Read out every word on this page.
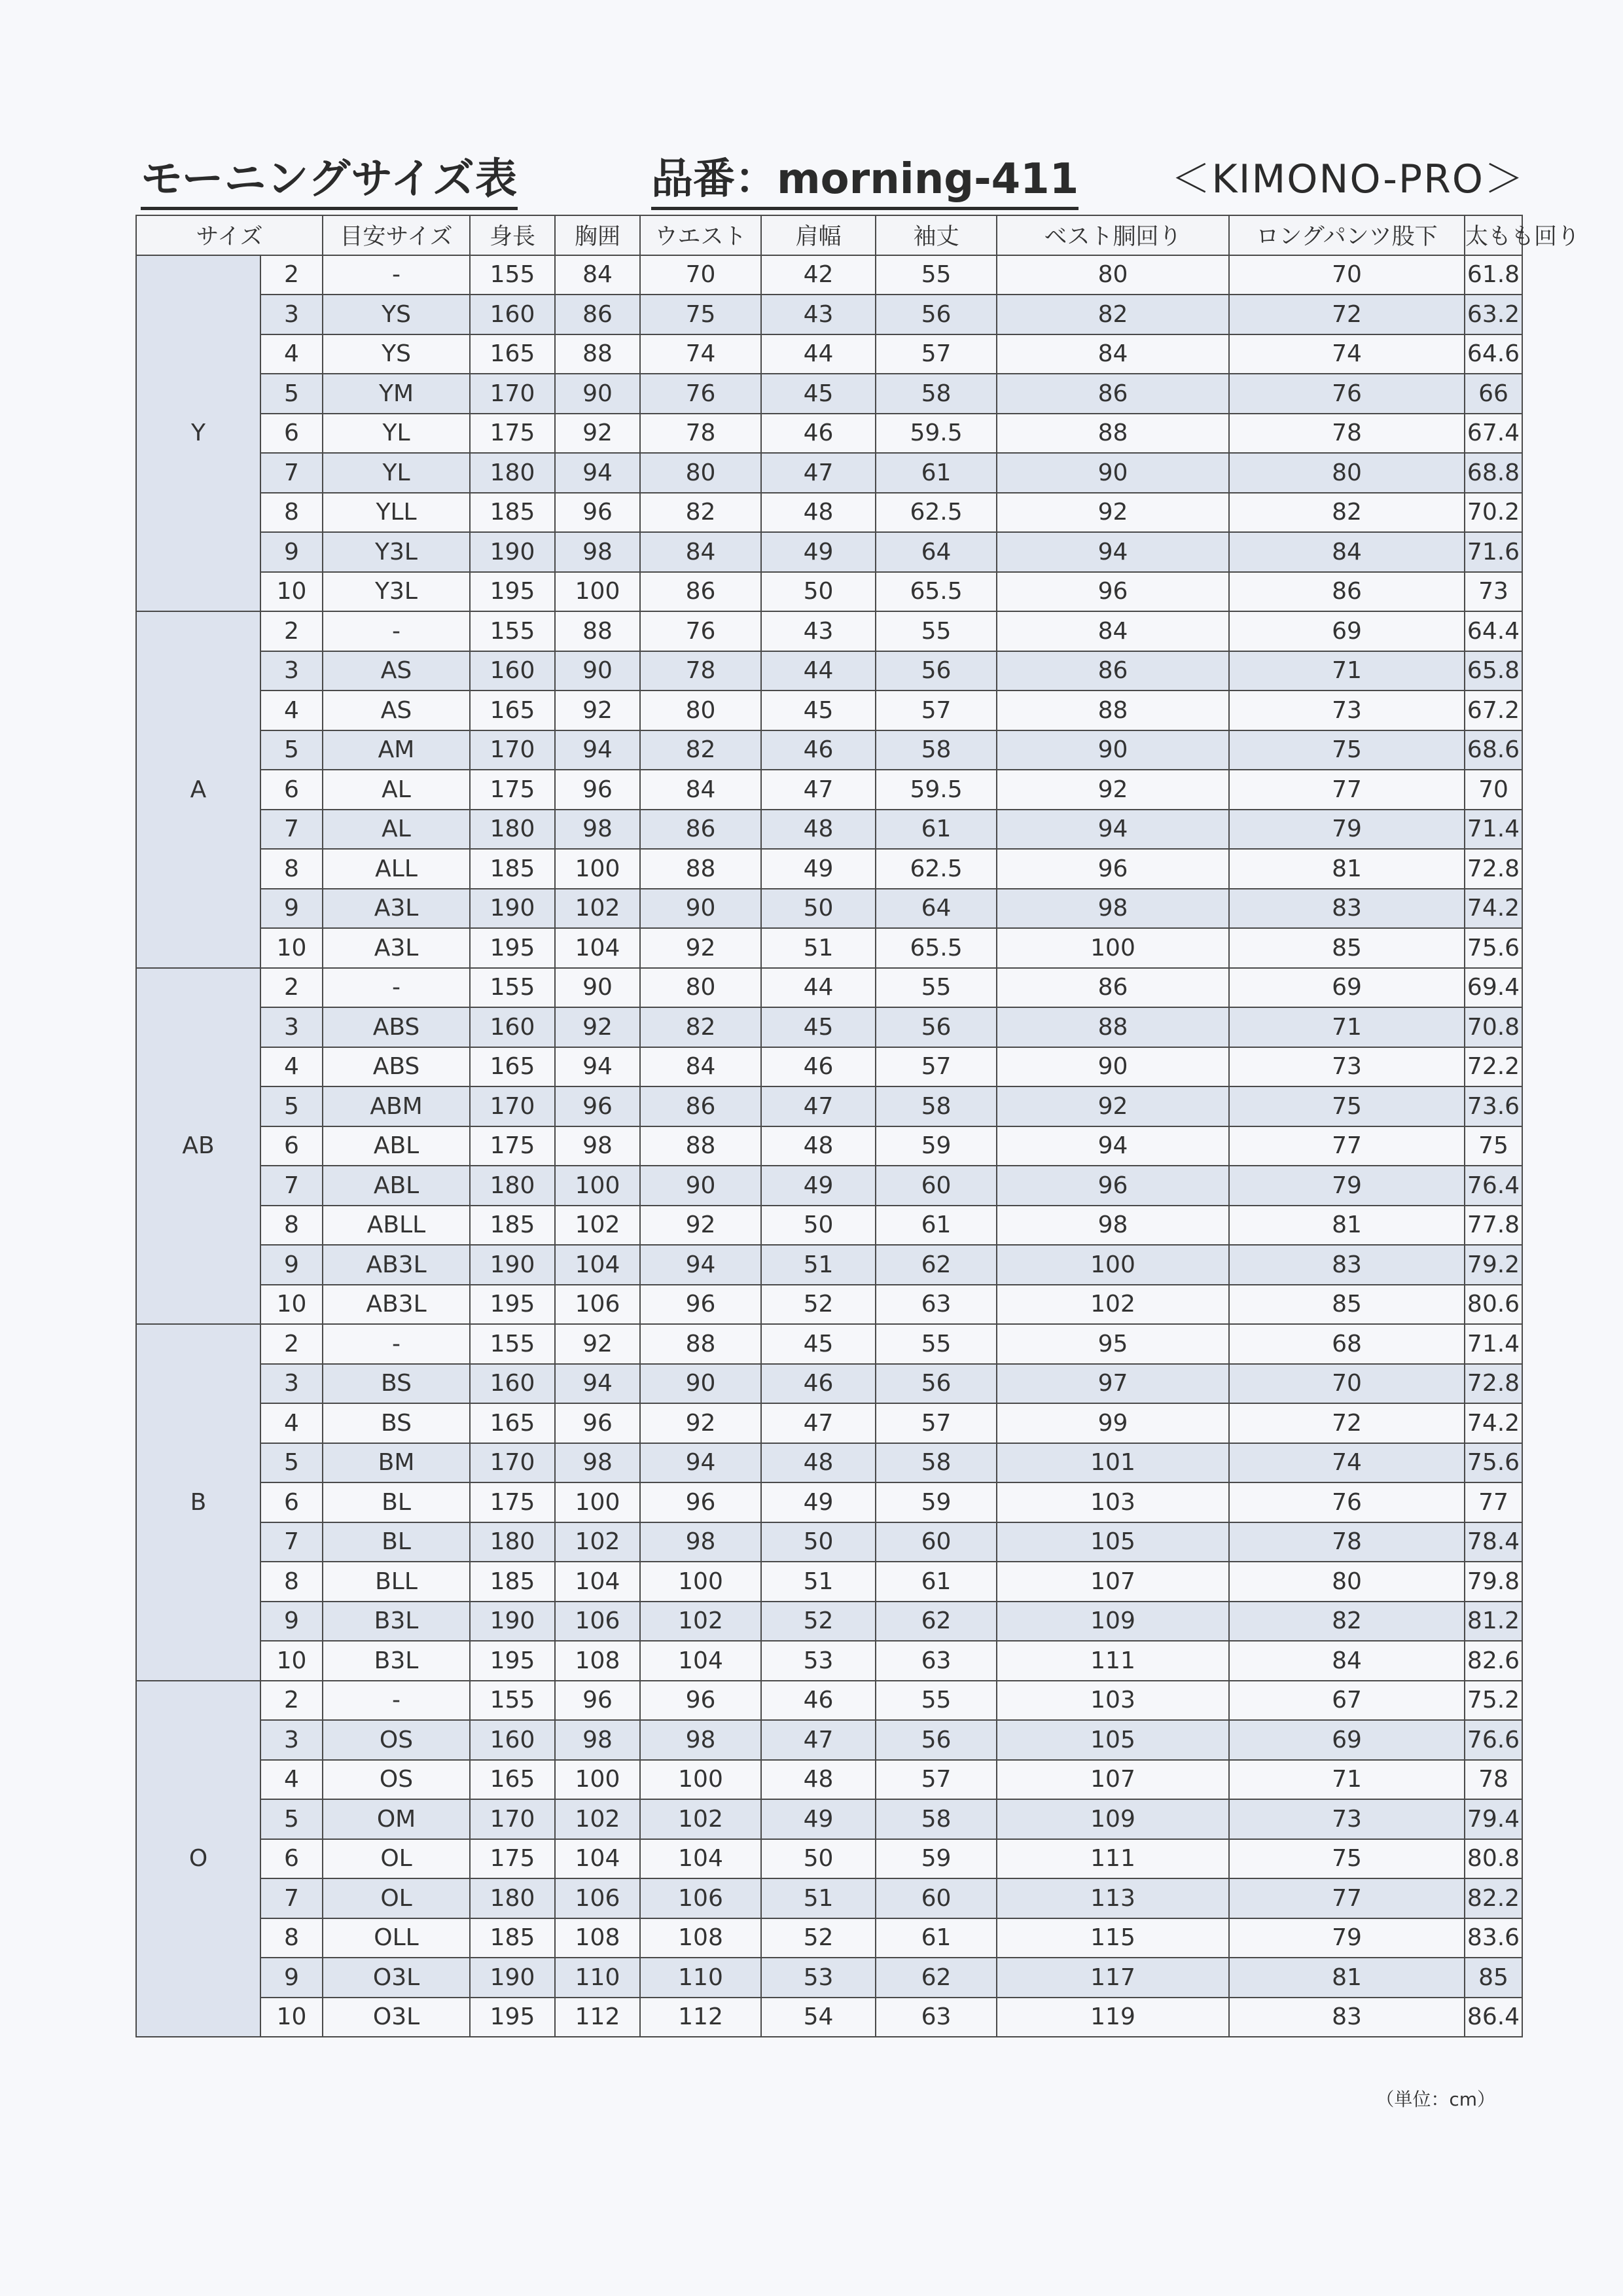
モーニングサイズ表	品番：morning-411 ＜KIMONO-PRO＞
サイズ		目安サイズ	身長	胸囲	ウエスト	肩幅	袖丈	ベスト胴回り	ロングパンツ股下	太もも回り
Y	2	-	155	84	70	42	55	80	70	61.8
	3	YS	160	86	75	43	56	82	72	63.2
	4	YS	165	88	74	44	57	84	74	64.6
	5	YM	170	90	76	45	58	86	76	66
	6	YL	175	92	78	46	59.5	88	78	67.4
	7	YL	180	94	80	47	61	90	80	68.8
	8	YLL	185	96	82	48	62.5	92	82	70.2
	9	Y3L	190	98	84	49	64	94	84	71.6
	10	Y3L	195	100	86	50	65.5	96	86	73
A	2	-	155	88	76	43	55	84	69	64.4
	3	AS	160	90	78	44	56	86	71	65.8
	4	AS	165	92	80	45	57	88	73	67.2
	5	AM	170	94	82	46	58	90	75	68.6
	6	AL	175	96	84	47	59.5	92	77	70
	7	AL	180	98	86	48	61	94	79	71.4
	8	ALL	185	100	88	49	62.5	96	81	72.8
	9	A3L	190	102	90	50	64	98	83	74.2
	10	A3L	195	104	92	51	65.5	100	85	75.6
AB	2	-	155	90	80	44	55	86	69	69.4
	3	ABS	160	92	82	45	56	88	71	70.8
	4	ABS	165	94	84	46	57	90	73	72.2
	5	ABM	170	96	86	47	58	92	75	73.6
	6	ABL	175	98	88	48	59	94	77	75
	7	ABL	180	100	90	49	60	96	79	76.4
	8	ABLL	185	102	92	50	61	98	81	77.8
	9	AB3L	190	104	94	51	62	100	83	79.2
	10	AB3L	195	106	96	52	63	102	85	80.6
B	2	-	155	92	88	45	55	95	68	71.4
	3	BS	160	94	90	46	56	97	70	72.8
	4	BS	165	96	92	47	57	99	72	74.2
	5	BM	170	98	94	48	58	101	74	75.6
	6	BL	175	100	96	49	59	103	76	77
	7	BL	180	102	98	50	60	105	78	78.4
	8	BLL	185	104	100	51	61	107	80	79.8
	9	B3L	190	106	102	52	62	109	82	81.2
	10	B3L	195	108	104	53	63	111	84	82.6
O	2	-	155	96	96	46	55	103	67	75.2
	3	OS	160	98	98	47	56	105	69	76.6
	4	OS	165	100	100	48	57	107	71	78
	5	OM	170	102	102	49	58	109	73	79.4
	6	OL	175	104	104	50	59	111	75	80.8
	7	OL	180	106	106	51	60	113	77	82.2
	8	OLL	185	108	108	52	61	115	79	83.6
	9	O3L	190	110	110	53	62	117	81	85
	10	O3L	195	112	112	54	63	119	83	86.4
（単位：cm）
